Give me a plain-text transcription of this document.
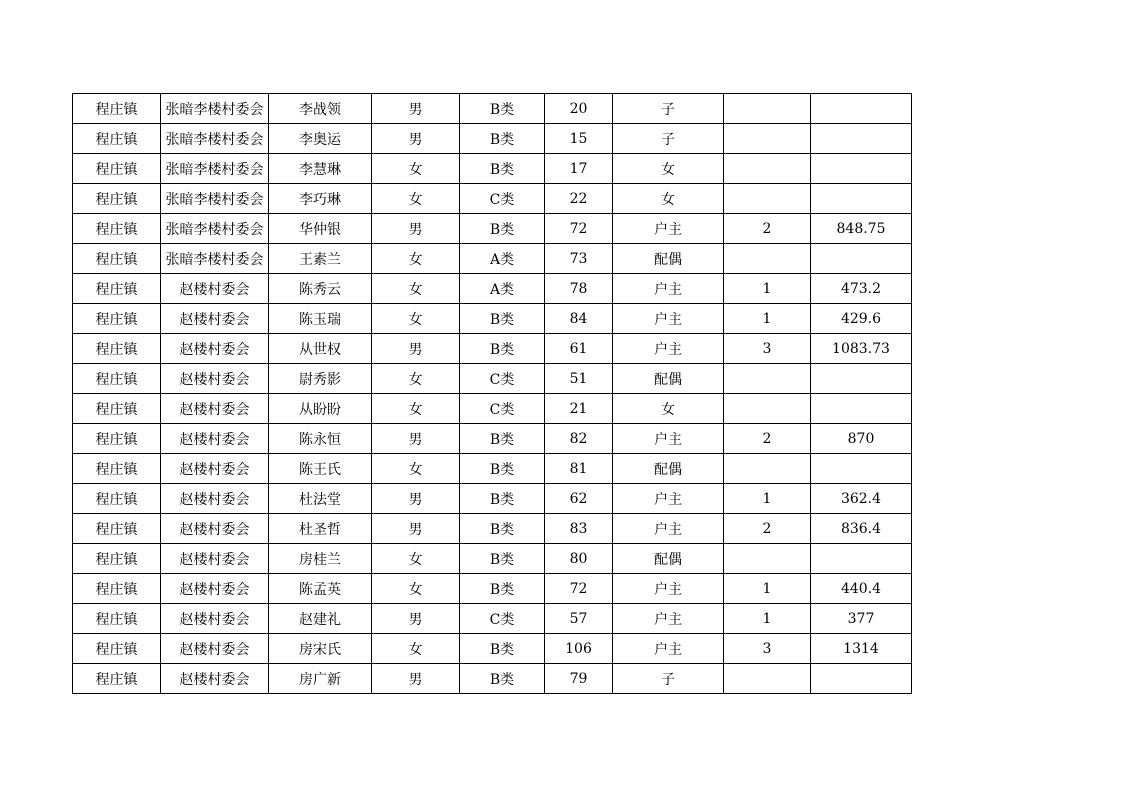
程庄镇	张暗李楼村委会	李战领	男	B类	20	子		
程庄镇	张暗李楼村委会	李奥运	男	B类	15	子		
程庄镇	张暗李楼村委会	李慧琳	女	B类	17	女		
程庄镇	张暗李楼村委会	李巧琳	女	C类	22	女		
程庄镇	张暗李楼村委会	华仲银	男	B类	72	户主	2	848.75
程庄镇	张暗李楼村委会	王素兰	女	A类	73	配偶		
程庄镇	赵楼村委会	陈秀云	女	A类	78	户主	1	473.2
程庄镇	赵楼村委会	陈玉瑞	女	B类	84	户主	1	429.6
程庄镇	赵楼村委会	从世权	男	B类	61	户主	3	1083.73
程庄镇	赵楼村委会	尉秀影	女	C类	51	配偶		
程庄镇	赵楼村委会	从盼盼	女	C类	21	女		
程庄镇	赵楼村委会	陈永恒	男	B类	82	户主	2	870
程庄镇	赵楼村委会	陈王氏	女	B类	81	配偶		
程庄镇	赵楼村委会	杜法堂	男	B类	62	户主	1	362.4
程庄镇	赵楼村委会	杜圣哲	男	B类	83	户主	2	836.4
程庄镇	赵楼村委会	房桂兰	女	B类	80	配偶		
程庄镇	赵楼村委会	陈孟英	女	B类	72	户主	1	440.4
程庄镇	赵楼村委会	赵建礼	男	C类	57	户主	1	377
程庄镇	赵楼村委会	房宋氏	女	B类	106	户主	3	1314
程庄镇	赵楼村委会	房广新	男	B类	79	子		
